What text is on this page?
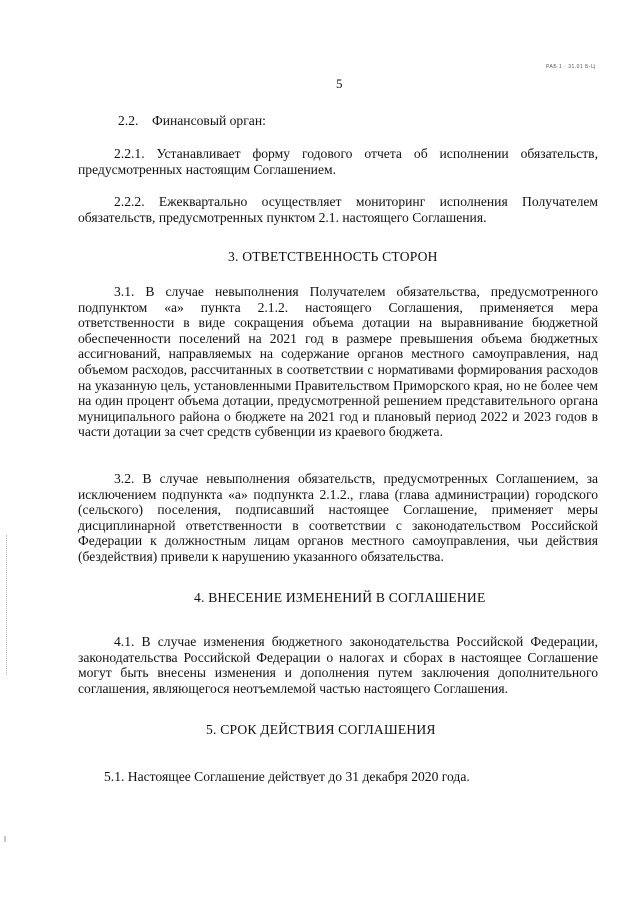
РАБ.1 · 31.01 Б-Ц
5
2.2.    Финансовый орган:
2.2.1. Устанавливает форму годового отчета об исполнении обязательств, предусмотренных настоящим Соглашением.
2.2.2. Ежеквартально осуществляет мониторинг исполнения Получателем обязательств, предусмотренных пунктом 2.1. настоящего Соглашения.
3. ОТВЕТСТВЕННОСТЬ СТОРОН
3.1. В случае невыполнения Получателем обязательства, предусмотренного подпунктом «а» пункта 2.1.2. настоящего Соглашения, применяется мера ответственности в виде сокращения объема дотации на выравнивание бюджетной обеспеченности поселений на 2021 год в размере превышения объема бюджетных ассигнований, направляемых на содержание органов местного самоуправления, над объемом расходов, рассчитанных в соответствии с нормативами формирования расходов на указанную цель, установленными Правительством Приморского края, но не более чем на один процент объема дотации, предусмотренной решением представительного органа муниципального района о бюджете на 2021 год и плановый период 2022 и 2023 годов в части дотации за счет средств субвенции из краевого бюджета.
3.2. В случае невыполнения обязательств, предусмотренных Соглашением, за исключением подпункта «а» подпункта 2.1.2., глава (глава администрации) городского (сельского) поселения, подписавший настоящее Соглашение, применяет меры дисциплинарной ответственности в соответствии с законодательством Российской Федерации к должностным лицам органов местного самоуправления, чьи действия (бездействия) привели к нарушению указанного обязательства.
4. ВНЕСЕНИЕ ИЗМЕНЕНИЙ В СОГЛАШЕНИЕ
4.1. В случае изменения бюджетного законодательства Российской Федерации, законодательства Российской Федерации о налогах и сборах в настоящее Соглашение могут быть внесены изменения и дополнения путем заключения дополнительного соглашения, являющегося неотъемлемой частью настоящего Соглашения.
5. СРОК ДЕЙСТВИЯ СОГЛАШЕНИЯ
5.1. Настоящее Соглашение действует до 31 декабря 2020 года.
